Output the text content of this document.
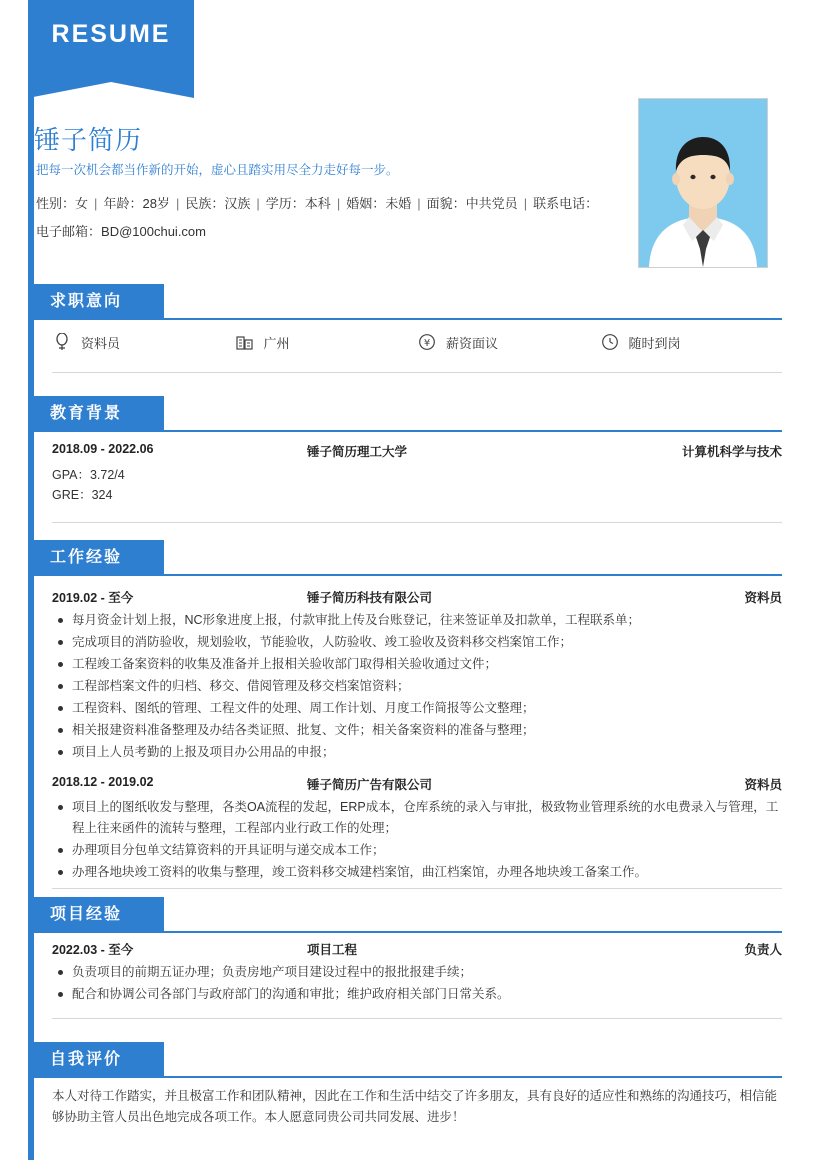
RESUME
锤子简历
把每一次机会都当作新的开始，虚心且踏实用尽全力走好每一步。
性别：女 | 年龄：28岁 | 民族：汉族 | 学历：本科 | 婚姻：未婚 | 面貌：中共党员 | 联系电话：
电子邮箱：BD@100chui.com
求职意向
资料员	广州	¥ 薪资面议	随时到岗
教育背景
2018.09 - 2022.06	锤子简历理工大学	计算机科学与技术
GPA：3.72/4
GRE：324
工作经验
2019.02 - 至今	锤子简历科技有限公司	资料员
每月资金计划上报，NC形象进度上报，付款审批上传及台账登记，往来签证单及扣款单，工程联系单；
完成项目的消防验收，规划验收，节能验收，人防验收、竣工验收及资料移交档案馆工作；
工程竣工备案资料的收集及准备并上报相关验收部门取得相关验收通过文件；
工程部档案文件的归档、移交、借阅管理及移交档案馆资料；
工程资料、图纸的管理、工程文件的处理、周工作计划、月度工作简报等公文整理；
相关报建资料准备整理及办结各类证照、批复、文件；相关备案资料的准备与整理；
项目上人员考勤的上报及项目办公用品的申报；
2018.12 - 2019.02	锤子简历广告有限公司	资料员
项目上的图纸收发与整理，各类OA流程的发起，ERP成本，仓库系统的录入与审批，极致物业管理系统的水电费录入与管理，工程上往来函件的流转与整理，工程部内业行政工作的处理；
办理项目分包单文结算资料的开具证明与递交成本工作；
办理各地块竣工资料的收集与整理，竣工资料移交城建档案馆，曲江档案馆，办理各地块竣工备案工作。
项目经验
2022.03 - 至今	项目工程	负责人
负责项目的前期五证办理；负责房地产项目建设过程中的报批报建手续；
配合和协调公司各部门与政府部门的沟通和审批；维护政府相关部门日常关系。
自我评价
本人对待工作踏实，并且极富工作和团队精神，因此在工作和生活中结交了许多朋友，具有良好的适应性和熟练的沟通技巧，相信能够协助主管人员出色地完成各项工作。本人愿意同贵公司共同发展、进步！
